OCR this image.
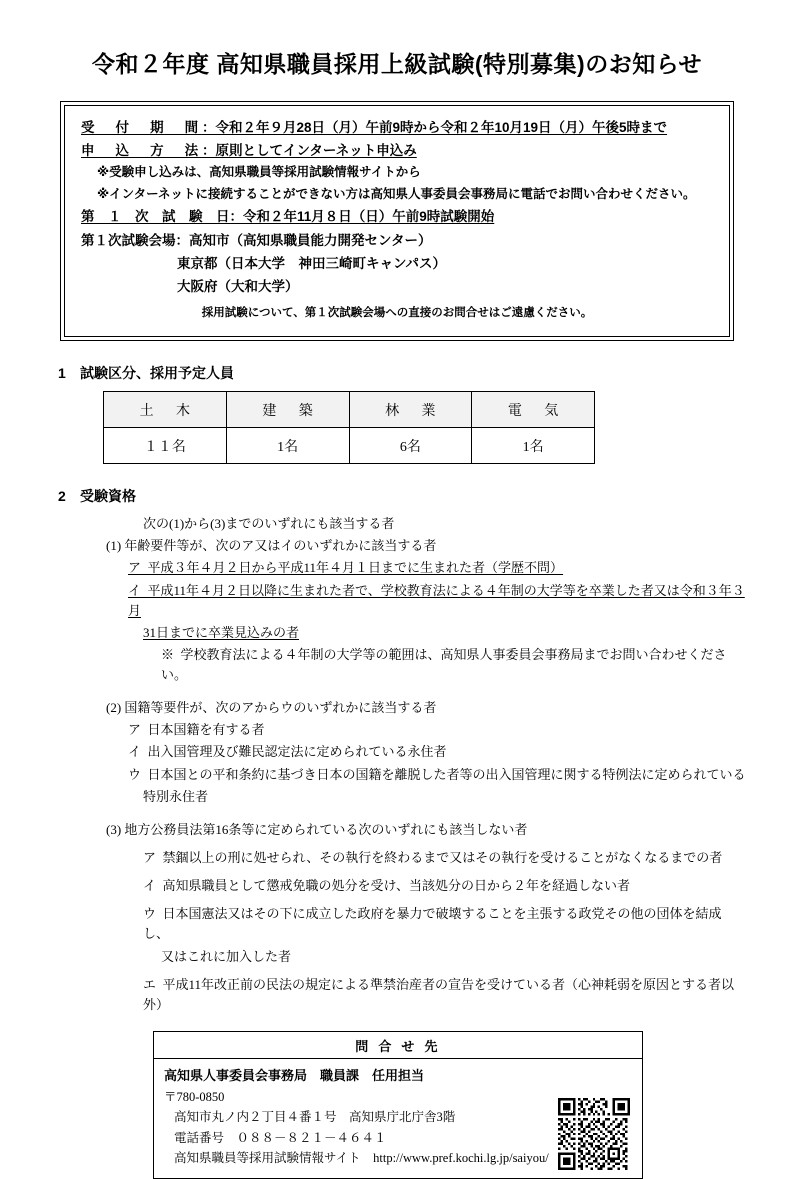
令和２年度 高知県職員採用上級試験(特別募集)のお知らせ
受　付　期　間：令和２年９月28日（月）午前9時から令和２年10月19日（月）午後5時まで
申　込　方　法：原則としてインターネット申込み
※受験申し込みは、高知県職員等採用試験情報サイトから
※インターネットに接続することができない方は高知県人事委員会事務局に電話でお問い合わせください。
第　１　次　試　験　日：令和２年11月８日（日）午前9時試験開始
第１次試験会場：高知市（高知県職員能力開発センター）
東京都（日本大学　神田三崎町キャンパス）
大阪府（大和大学）
採用試験について、第１次試験会場への直接のお問合せはご遠慮ください。
1 試験区分、採用予定人員
土　木	建　築	林　業	電　気
１１名	1名	6名	1名
2 受験資格
次の(1)から(3)までのいずれにも該当する者
(1) 年齢要件等が、次のア又はイのいずれかに該当する者
ア 平成３年４月２日から平成11年４月１日までに生まれた者（学歴不問）
イ 平成11年４月２日以降に生まれた者で、学校教育法による４年制の大学等を卒業した者又は令和３年３月
31日までに卒業見込みの者
※ 学校教育法による４年制の大学等の範囲は、高知県人事委員会事務局までお問い合わせください。
(2) 国籍等要件が、次のアからウのいずれかに該当する者
ア 日本国籍を有する者
イ 出入国管理及び難民認定法に定められている永住者
ウ 日本国との平和条約に基づき日本の国籍を離脱した者等の出入国管理に関する特例法に定められている
特別永住者
(3) 地方公務員法第16条等に定められている次のいずれにも該当しない者
ア 禁錮以上の刑に処せられ、その執行を終わるまで又はその執行を受けることがなくなるまでの者
イ 高知県職員として懲戒免職の処分を受け、当該処分の日から２年を経過しない者
ウ 日本国憲法又はその下に成立した政府を暴力で破壊することを主張する政党その他の団体を結成し、
又はこれに加入した者
エ 平成11年改正前の民法の規定による準禁治産者の宣告を受けている者（心神耗弱を原因とする者以外）
問 合 せ 先
高知県人事委員会事務局　職員課　任用担当
〒780-0850
高知市丸ノ内２丁目４番１号　高知県庁北庁舎3階
電話番号　０８８－８２１－４６４１
高知県職員等採用試験情報サイト　http://www.pref.kochi.lg.jp/saiyou/
